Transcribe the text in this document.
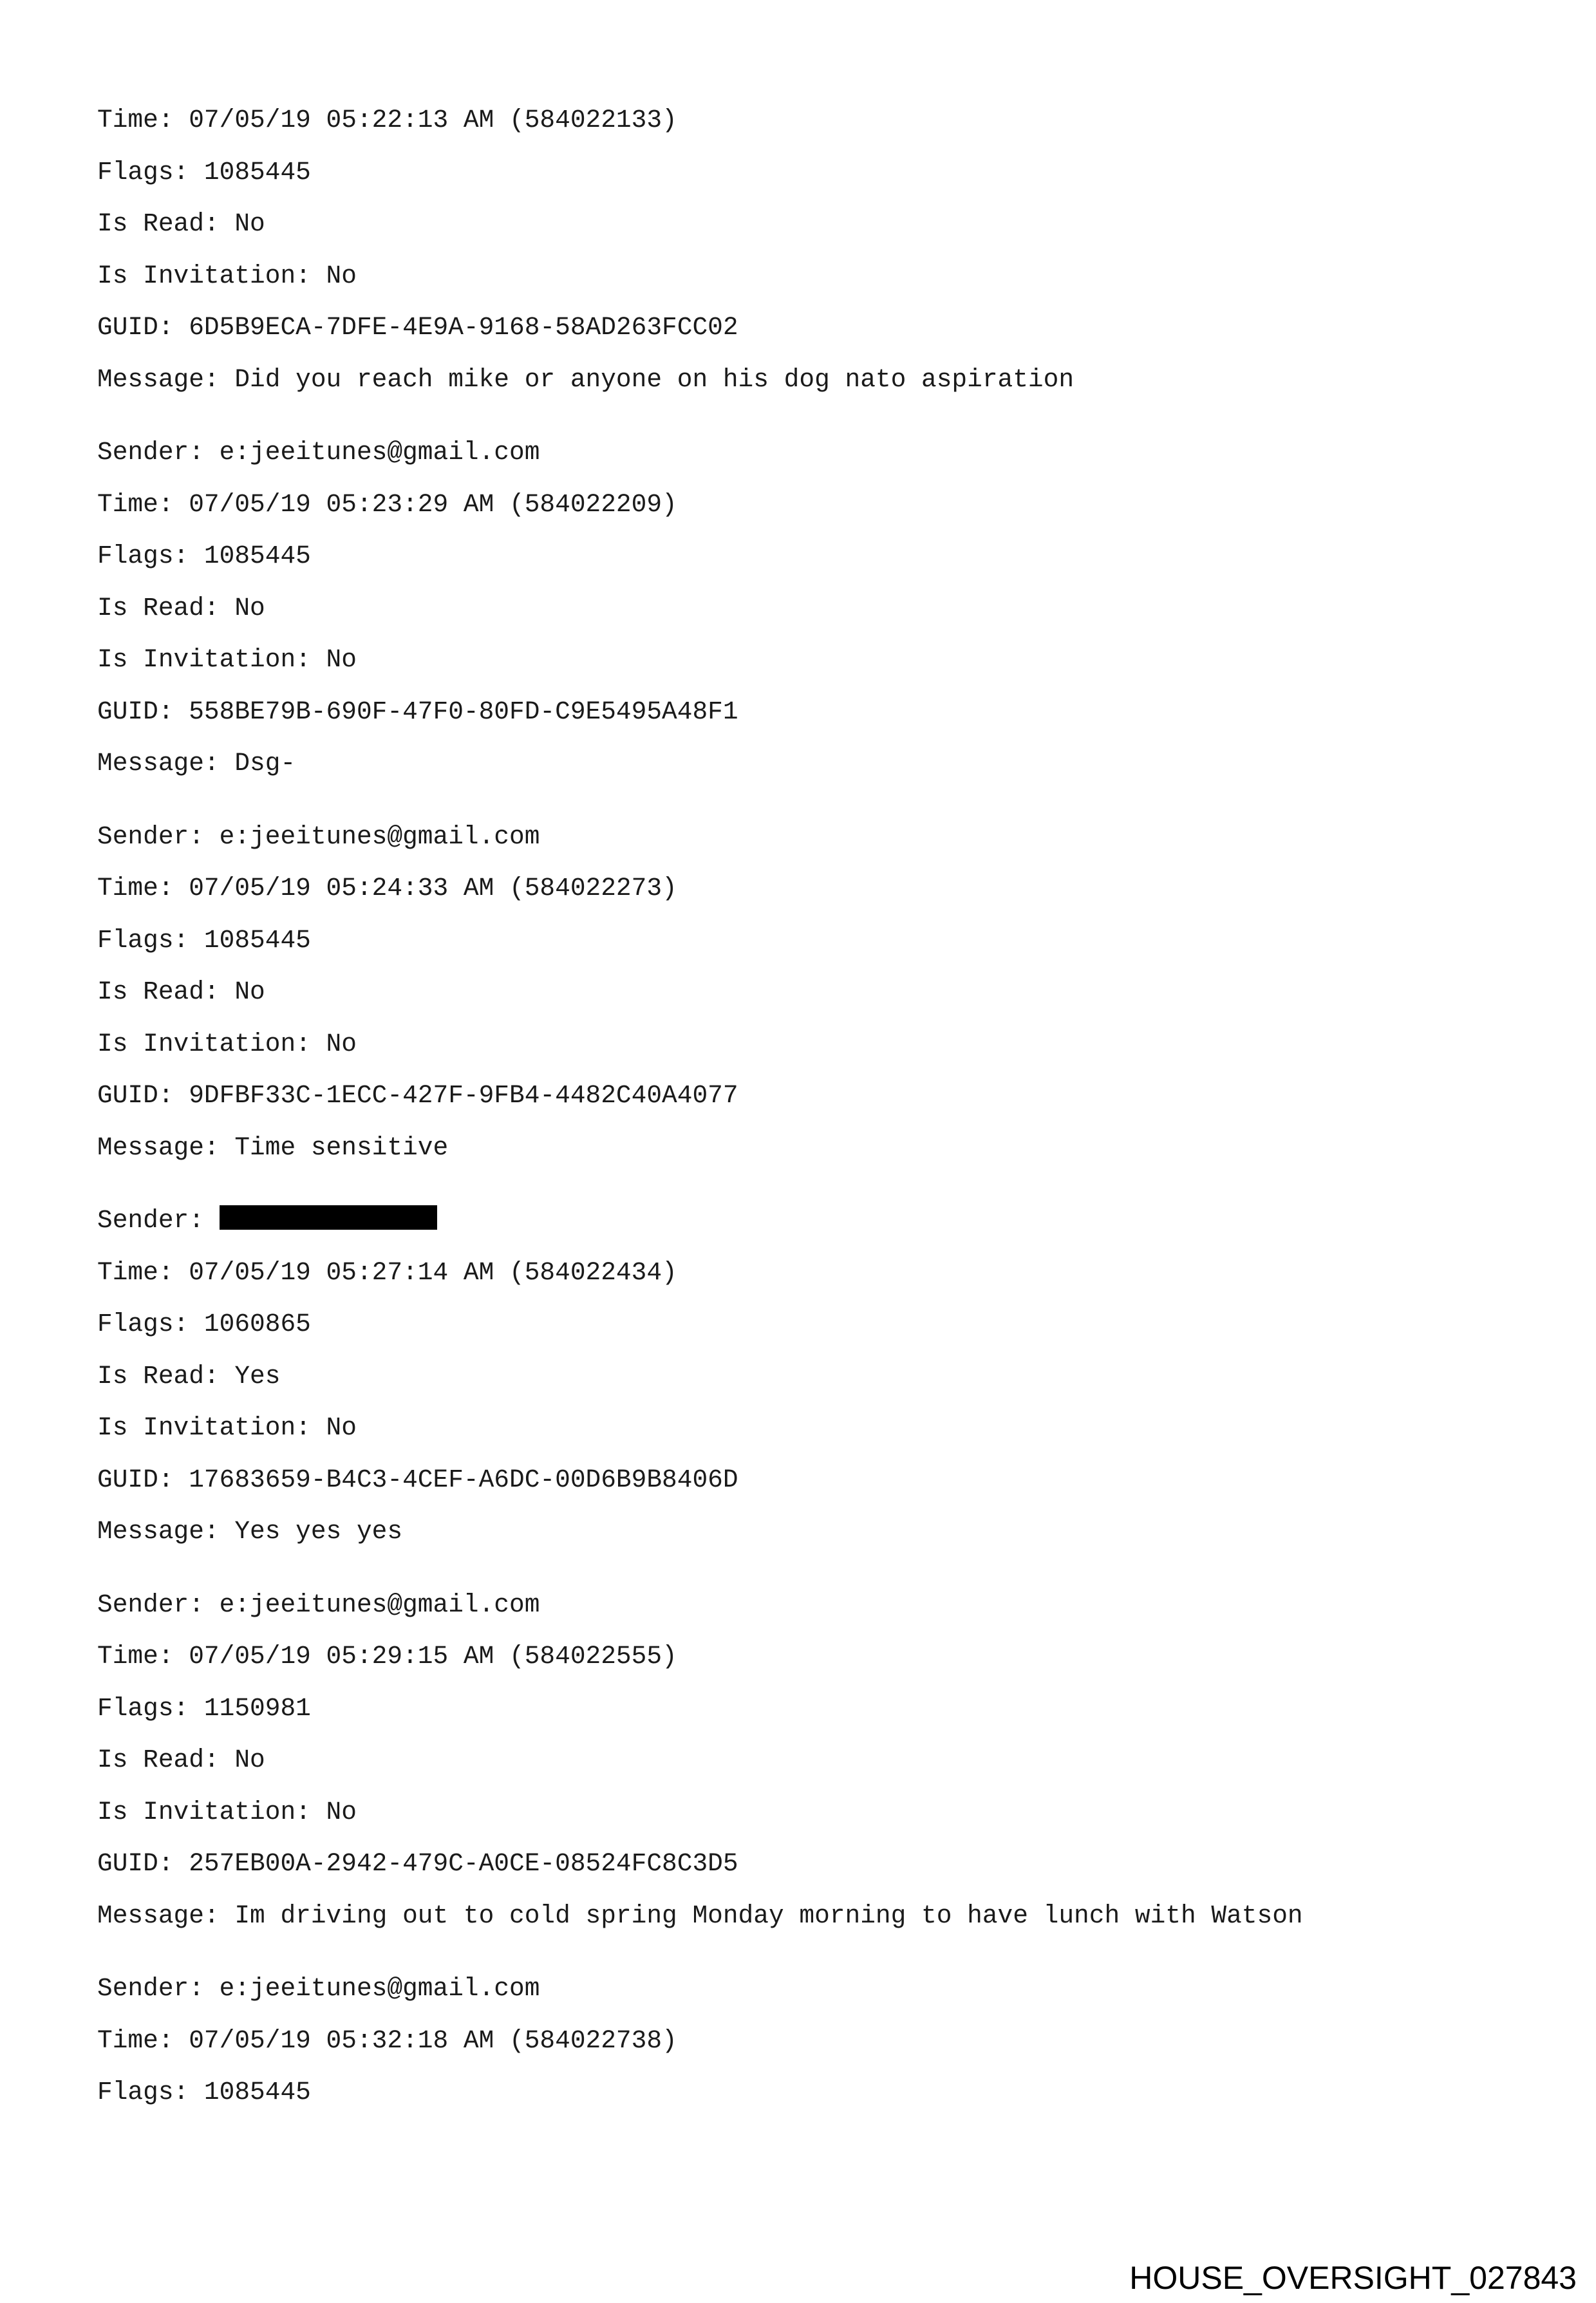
Time: 07/05/19 05:22:13 AM (584022133)
Flags: 1085445
Is Read: No
Is Invitation: No
GUID: 6D5B9ECA-7DFE-4E9A-9168-58AD263FCC02
Message: Did you reach mike or anyone on his dog nato aspiration
Sender: e:jeeitunes@gmail.com
Time: 07/05/19 05:23:29 AM (584022209)
Flags: 1085445
Is Read: No
Is Invitation: No
GUID: 558BE79B-690F-47F0-80FD-C9E5495A48F1
Message: Dsg-
Sender: e:jeeitunes@gmail.com
Time: 07/05/19 05:24:33 AM (584022273)
Flags: 1085445
Is Read: No
Is Invitation: No
GUID: 9DFBF33C-1ECC-427F-9FB4-4482C40A4077
Message: Time sensitive
Sender:
Time: 07/05/19 05:27:14 AM (584022434)
Flags: 1060865
Is Read: Yes
Is Invitation: No
GUID: 17683659-B4C3-4CEF-A6DC-00D6B9B8406D
Message: Yes yes yes
Sender: e:jeeitunes@gmail.com
Time: 07/05/19 05:29:15 AM (584022555)
Flags: 1150981
Is Read: No
Is Invitation: No
GUID: 257EB00A-2942-479C-A0CE-08524FC8C3D5
Message: Im driving out to cold spring Monday morning to have lunch with Watson
Sender: e:jeeitunes@gmail.com
Time: 07/05/19 05:32:18 AM (584022738)
Flags: 1085445
HOUSE_OVERSIGHT_027843
